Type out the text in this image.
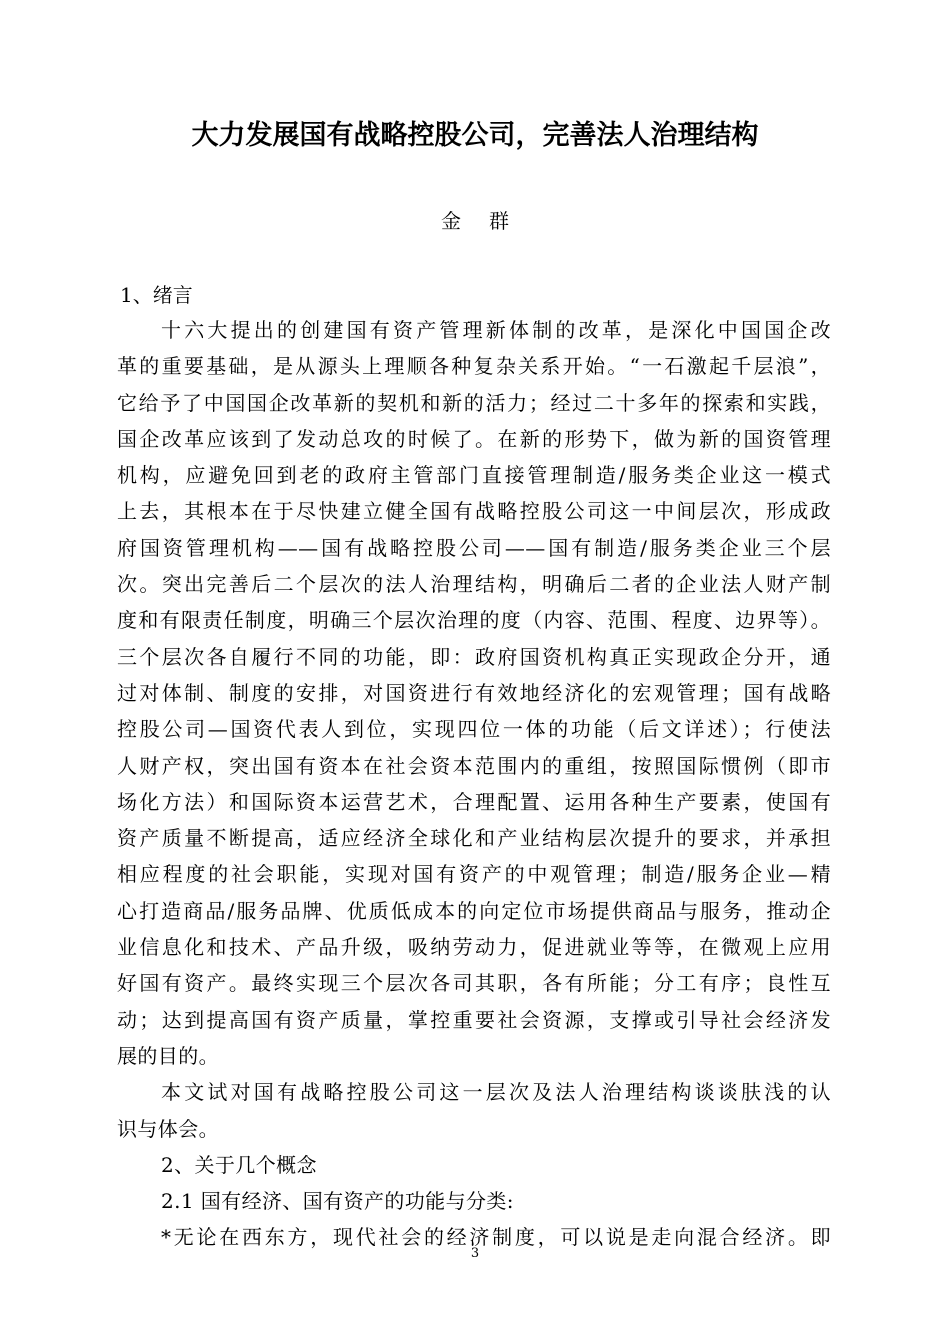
大力发展国有战略控股公司，完善法人治理结构
金群
1、绪言
十六大提出的创建国有资产管理新体制的改革，是深化中国国企改
革的重要基础，是从源头上理顺各种复杂关系开始。“一石激起千层浪”，
它给予了中国国企改革新的契机和新的活力；经过二十多年的探索和实践，
国企改革应该到了发动总攻的时候了。在新的形势下，做为新的国资管理
机构，应避免回到老的政府主管部门直接管理制造/服务类企业这一模式
上去，其根本在于尽快建立健全国有战略控股公司这一中间层次，形成政
府国资管理机构——国有战略控股公司——国有制造/服务类企业三个层
次。突出完善后二个层次的法人治理结构，明确后二者的企业法人财产制
度和有限责任制度，明确三个层次治理的度（内容、范围、程度、边界等）。
三个层次各自履行不同的功能，即：政府国资机构真正实现政企分开，通
过对体制、制度的安排，对国资进行有效地经济化的宏观管理；国有战略
控股公司—国资代表人到位，实现四位一体的功能（后文详述）；行使法
人财产权，突出国有资本在社会资本范围内的重组，按照国际惯例（即市
场化方法）和国际资本运营艺术，合理配置、运用各种生产要素，使国有
资产质量不断提高，适应经济全球化和产业结构层次提升的要求，并承担
相应程度的社会职能，实现对国有资产的中观管理；制造/服务企业—精
心打造商品/服务品牌、优质低成本的向定位市场提供商品与服务，推动企
业信息化和技术、产品升级，吸纳劳动力，促进就业等等，在微观上应用
好国有资产。最终实现三个层次各司其职，各有所能；分工有序；良性互
动；达到提高国有资产质量，掌控重要社会资源，支撑或引导社会经济发
展的目的。
本文试对国有战略控股公司这一层次及法人治理结构谈谈肤浅的认
识与体会。
2、关于几个概念
2.1 国有经济、国有资产的功能与分类:
*无论在西东方，现代社会的经济制度，可以说是走向混合经济。即
3
